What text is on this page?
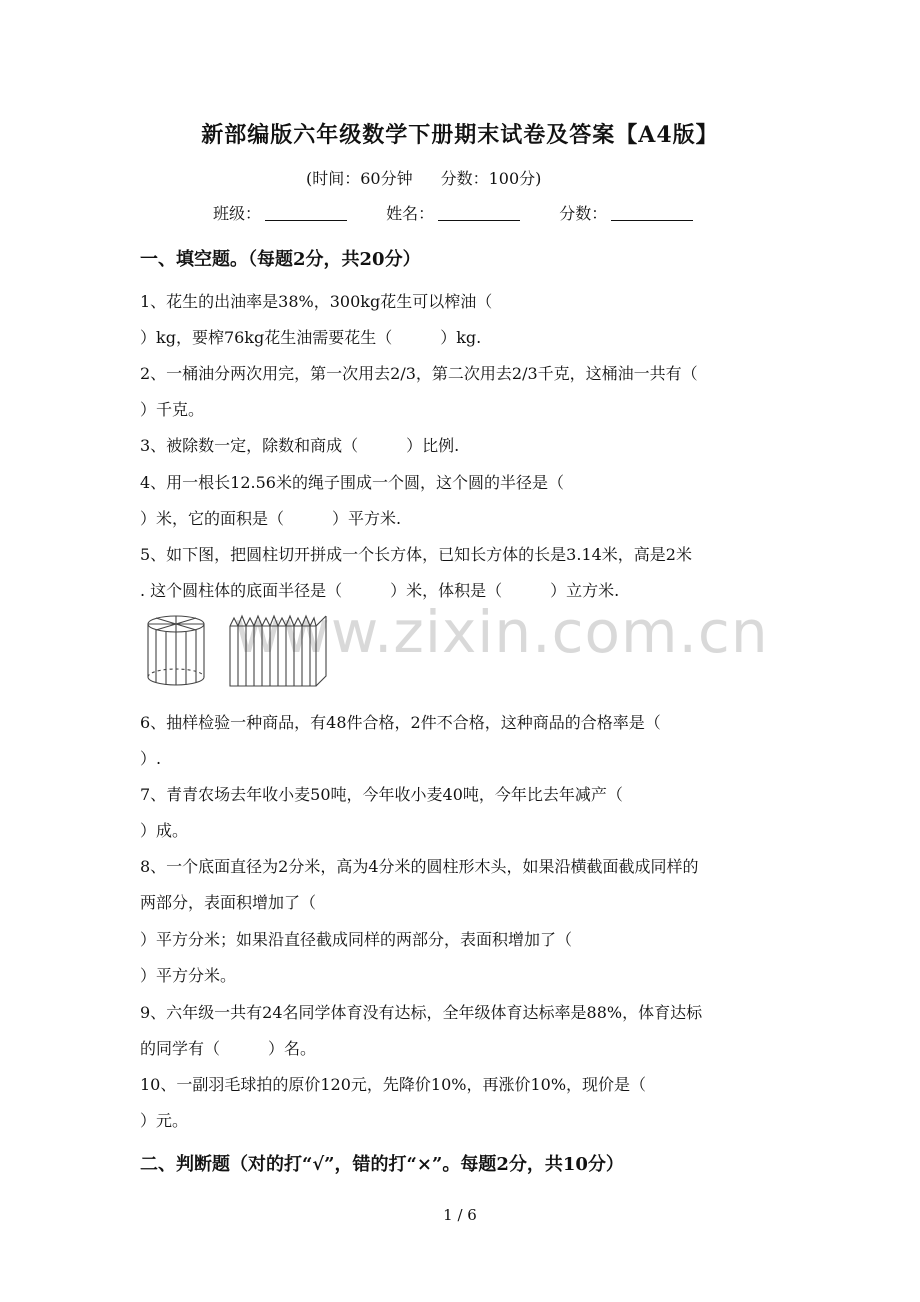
新部编版六年级数学下册期末试卷及答案【A4版】
(时间：60分钟 分数：100分)
班级：	姓名：	分数：
一、填空题。（每题2分，共20分）
1、花生的出油率是38%，300kg花生可以榨油（
）kg，要榨76kg花生油需要花生（　　　）kg.
2、一桶油分两次用完，第一次用去2/3，第二次用去2/3千克，这桶油一共有（
）千克。
3、被除数一定，除数和商成（　　　）比例.
4、用一根长12.56米的绳子围成一个圆，这个圆的半径是（
）米，它的面积是（　　　）平方米.
5、如下图，把圆柱切开拼成一个长方体，已知长方体的长是3.14米，高是2米
. 这个圆柱体的底面半径是（　　　）米，体积是（　　　）立方米.
www.zixin.com.cn
6、抽样检验一种商品，有48件合格，2件不合格，这种商品的合格率是（
）.
7、青青农场去年收小麦50吨，今年收小麦40吨，今年比去年减产（
）成。
8、一个底面直径为2分米，高为4分米的圆柱形木头，如果沿横截面截成同样的
两部分，表面积增加了（
）平方分米；如果沿直径截成同样的两部分，表面积增加了（
）平方分米。
9、六年级一共有24名同学体育没有达标，全年级体育达标率是88%，体育达标
的同学有（　　　）名。
10、一副羽毛球拍的原价120元，先降价10%，再涨价10%，现价是（
）元。
二、判断题（对的打“√”，错的打“×”。每题2分，共10分）
1 / 6
